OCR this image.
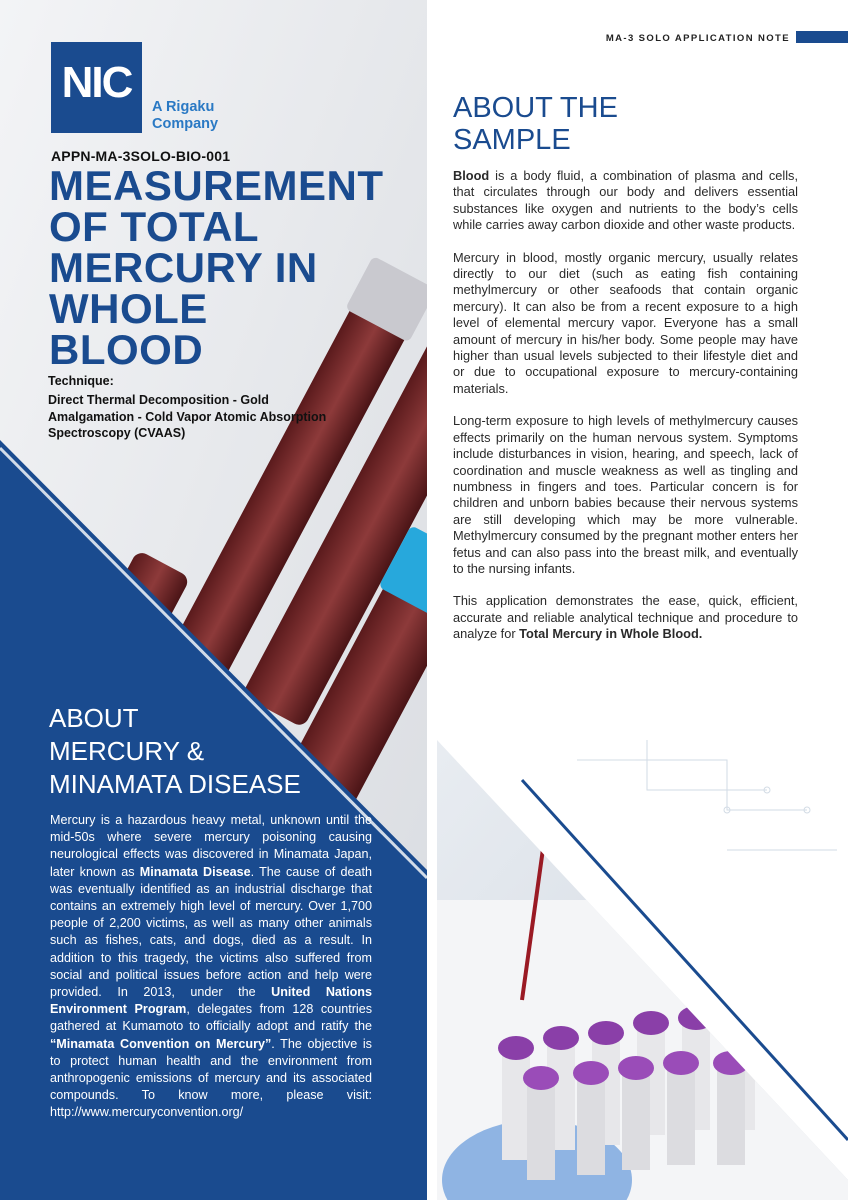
NIC	A Rigaku
Company
APPN-MA-3SOLO-BIO-001
MEASUREMENT
OF TOTAL
MERCURY IN
WHOLE
BLOOD
Technique:
Direct Thermal Decomposition - Gold Amalgamation - Cold Vapor Atomic Absorption Spectroscopy (CVAAS)
ABOUT
MERCURY &
MINAMATA DISEASE
Mercury is a hazardous heavy metal, unknown until the mid-50s where severe mercury poisoning causing neurological effects was discovered in Minamata Japan, later known as Minamata Disease. The cause of death was eventually identified as an industrial discharge that contains an extremely high level of mercury. Over 1,700 people of 2,200 victims, as well as many other animals such as fishes, cats, and dogs, died as a result. In addition to this tragedy, the victims also suffered from social and political issues before action and help were provided. In 2013, under the United Nations Environment Program, delegates from 128 countries gathered at Kumamoto to officially adopt and ratify the “Minamata Convention on Mercury”. The objective is to protect human health and the environment from anthropogenic emissions of mercury and its associated compounds. To know more, please visit: http://www.mercuryconvention.org/
MA-3 SOLO APPLICATION NOTE
ABOUT THE
SAMPLE

Blood is a body fluid, a combination of plasma and cells, that circulates through our body and delivers essential substances like oxygen and nutrients to the body’s cells while carries away carbon dioxide and other waste products.

Mercury in blood, mostly organic mercury, usually relates directly to our diet (such as eating fish containing methylmercury or other seafoods that contain organic mercury). It can also be from a recent exposure to a high level of elemental mercury vapor. Everyone has a small amount of mercury in his/her body. Some people may have higher than usual levels subjected to their lifestyle diet and or due to occupational exposure to mercury-containing materials.

Long-term exposure to high levels of methylmercury causes effects primarily on the human nervous system. Symptoms include disturbances in vision, hearing, and speech, lack of coordination and muscle weakness as well as tingling and numbness in fingers and toes. Particular concern is for children and unborn babies because their nervous systems are still developing which may be more vulnerable. Methylmercury consumed by the pregnant mother enters her fetus and can also pass into the breast milk, and eventually to the nursing infants.

This application demonstrates the ease, quick, efficient, accurate and reliable analytical technique and procedure to analyze for Total Mercury in Whole Blood.
